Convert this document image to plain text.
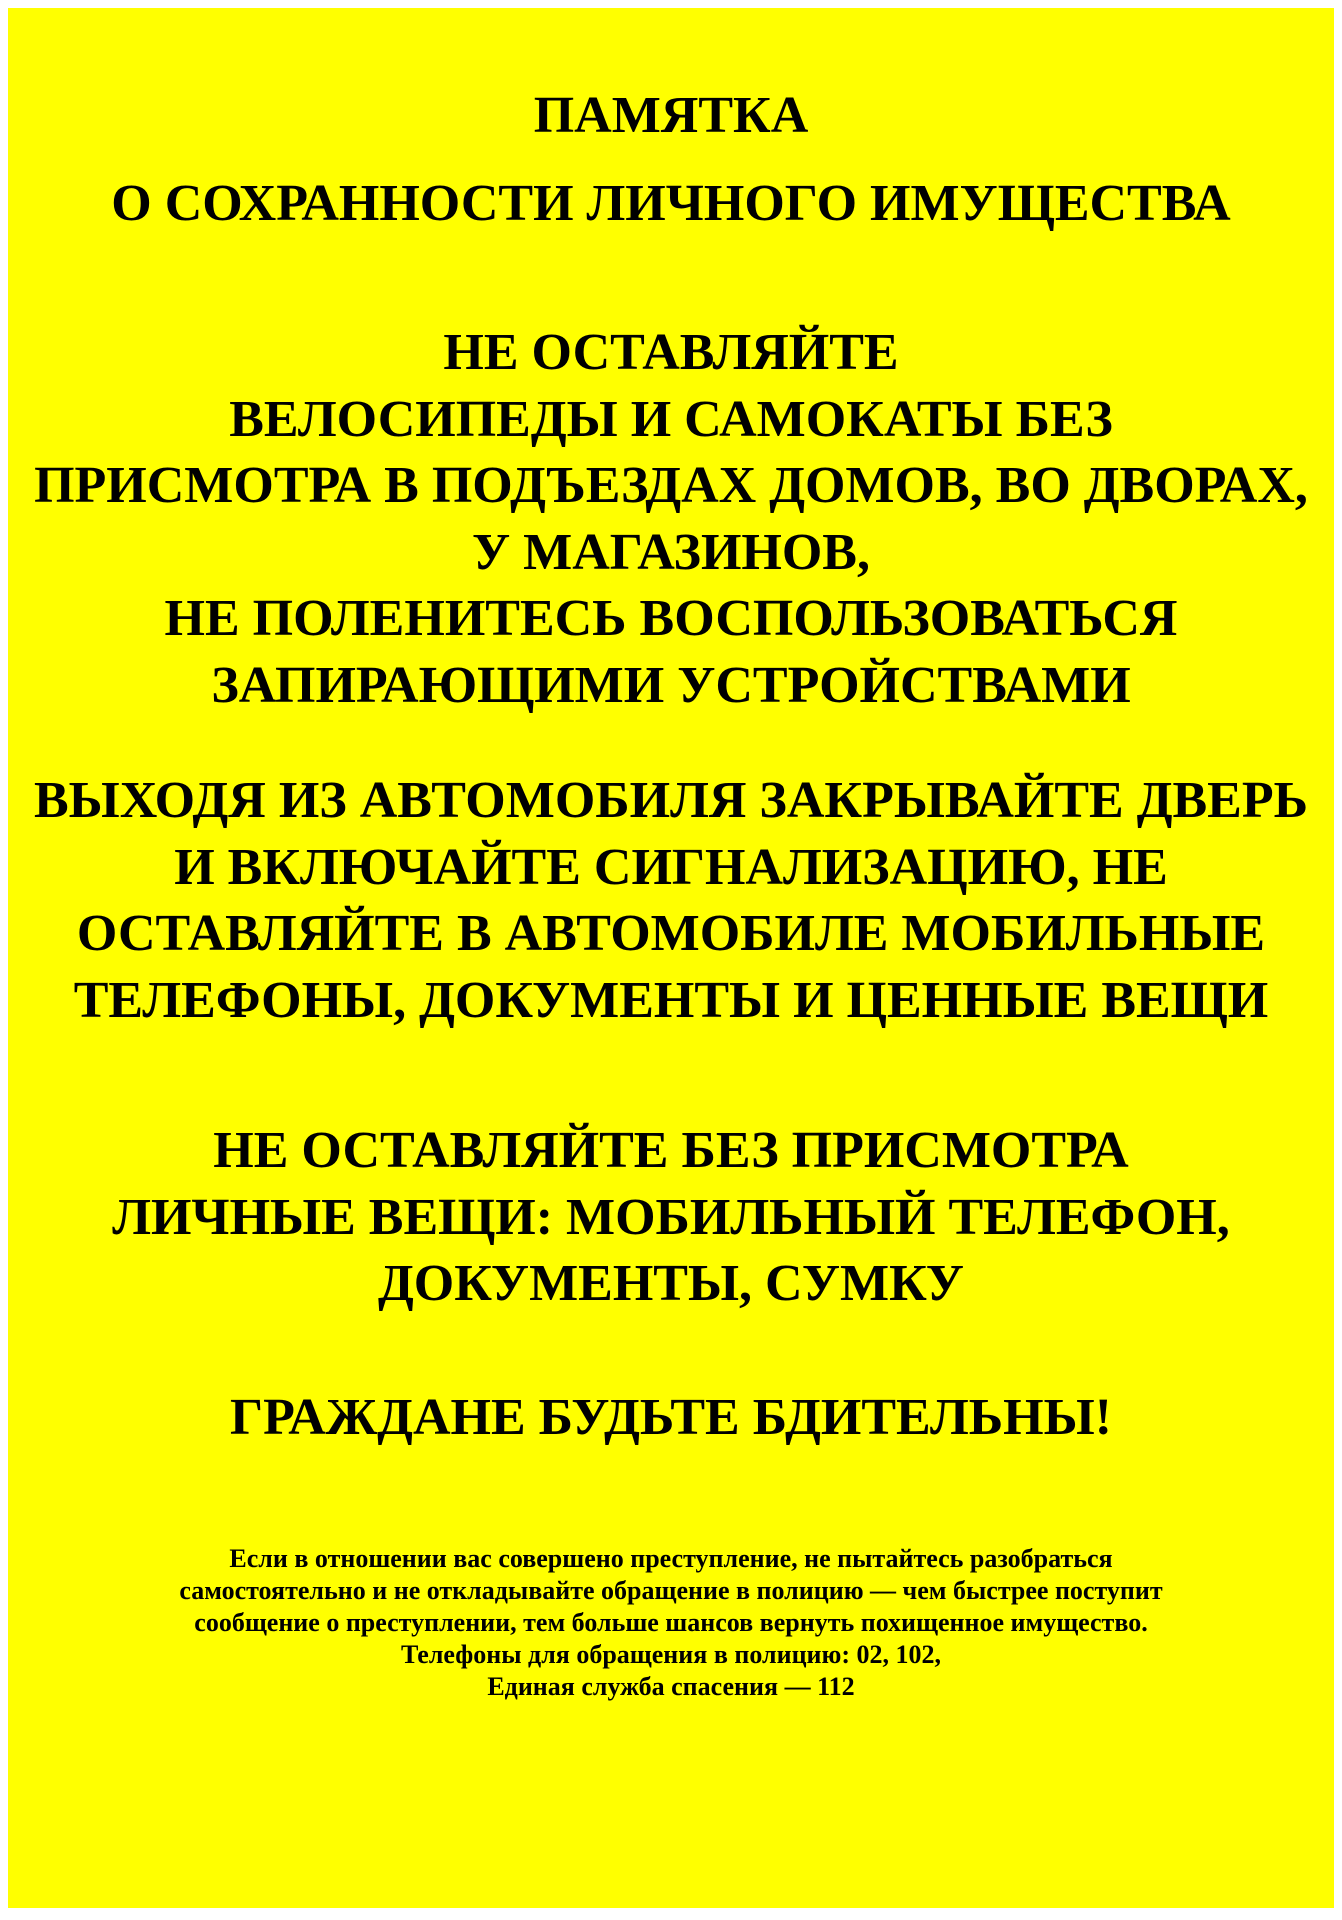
ПАМЯТКА
О СОХРАННОСТИ ЛИЧНОГО ИМУЩЕСТВА
НЕ ОСТАВЛЯЙТЕ
ВЕЛОСИПЕДЫ И САМОКАТЫ БЕЗ
ПРИСМОТРА В ПОДЪЕЗДАХ ДОМОВ, ВО ДВОРАХ,
У МАГАЗИНОВ,
НЕ ПОЛЕНИТЕСЬ ВОСПОЛЬЗОВАТЬСЯ
ЗАПИРАЮЩИМИ УСТРОЙСТВАМИ
ВЫХОДЯ ИЗ АВТОМОБИЛЯ ЗАКРЫВАЙТЕ ДВЕРЬ
И ВКЛЮЧАЙТЕ СИГНАЛИЗАЦИЮ, НЕ
ОСТАВЛЯЙТЕ В АВТОМОБИЛЕ МОБИЛЬНЫЕ
ТЕЛЕФОНЫ, ДОКУМЕНТЫ И ЦЕННЫЕ ВЕЩИ
НЕ ОСТАВЛЯЙТЕ БЕЗ ПРИСМОТРА
ЛИЧНЫЕ ВЕЩИ: МОБИЛЬНЫЙ ТЕЛЕФОН,
ДОКУМЕНТЫ, СУМКУ
ГРАЖДАНЕ БУДЬТЕ БДИТЕЛЬНЫ!
Если в отношении вас совершено преступление, не пытайтесь разобраться
самостоятельно и не откладывайте обращение в полицию — чем быстрее поступит
сообщение о преступлении, тем больше шансов вернуть похищенное имущество.
Телефоны для обращения в полицию: 02, 102,
Единая служба спасения — 112
